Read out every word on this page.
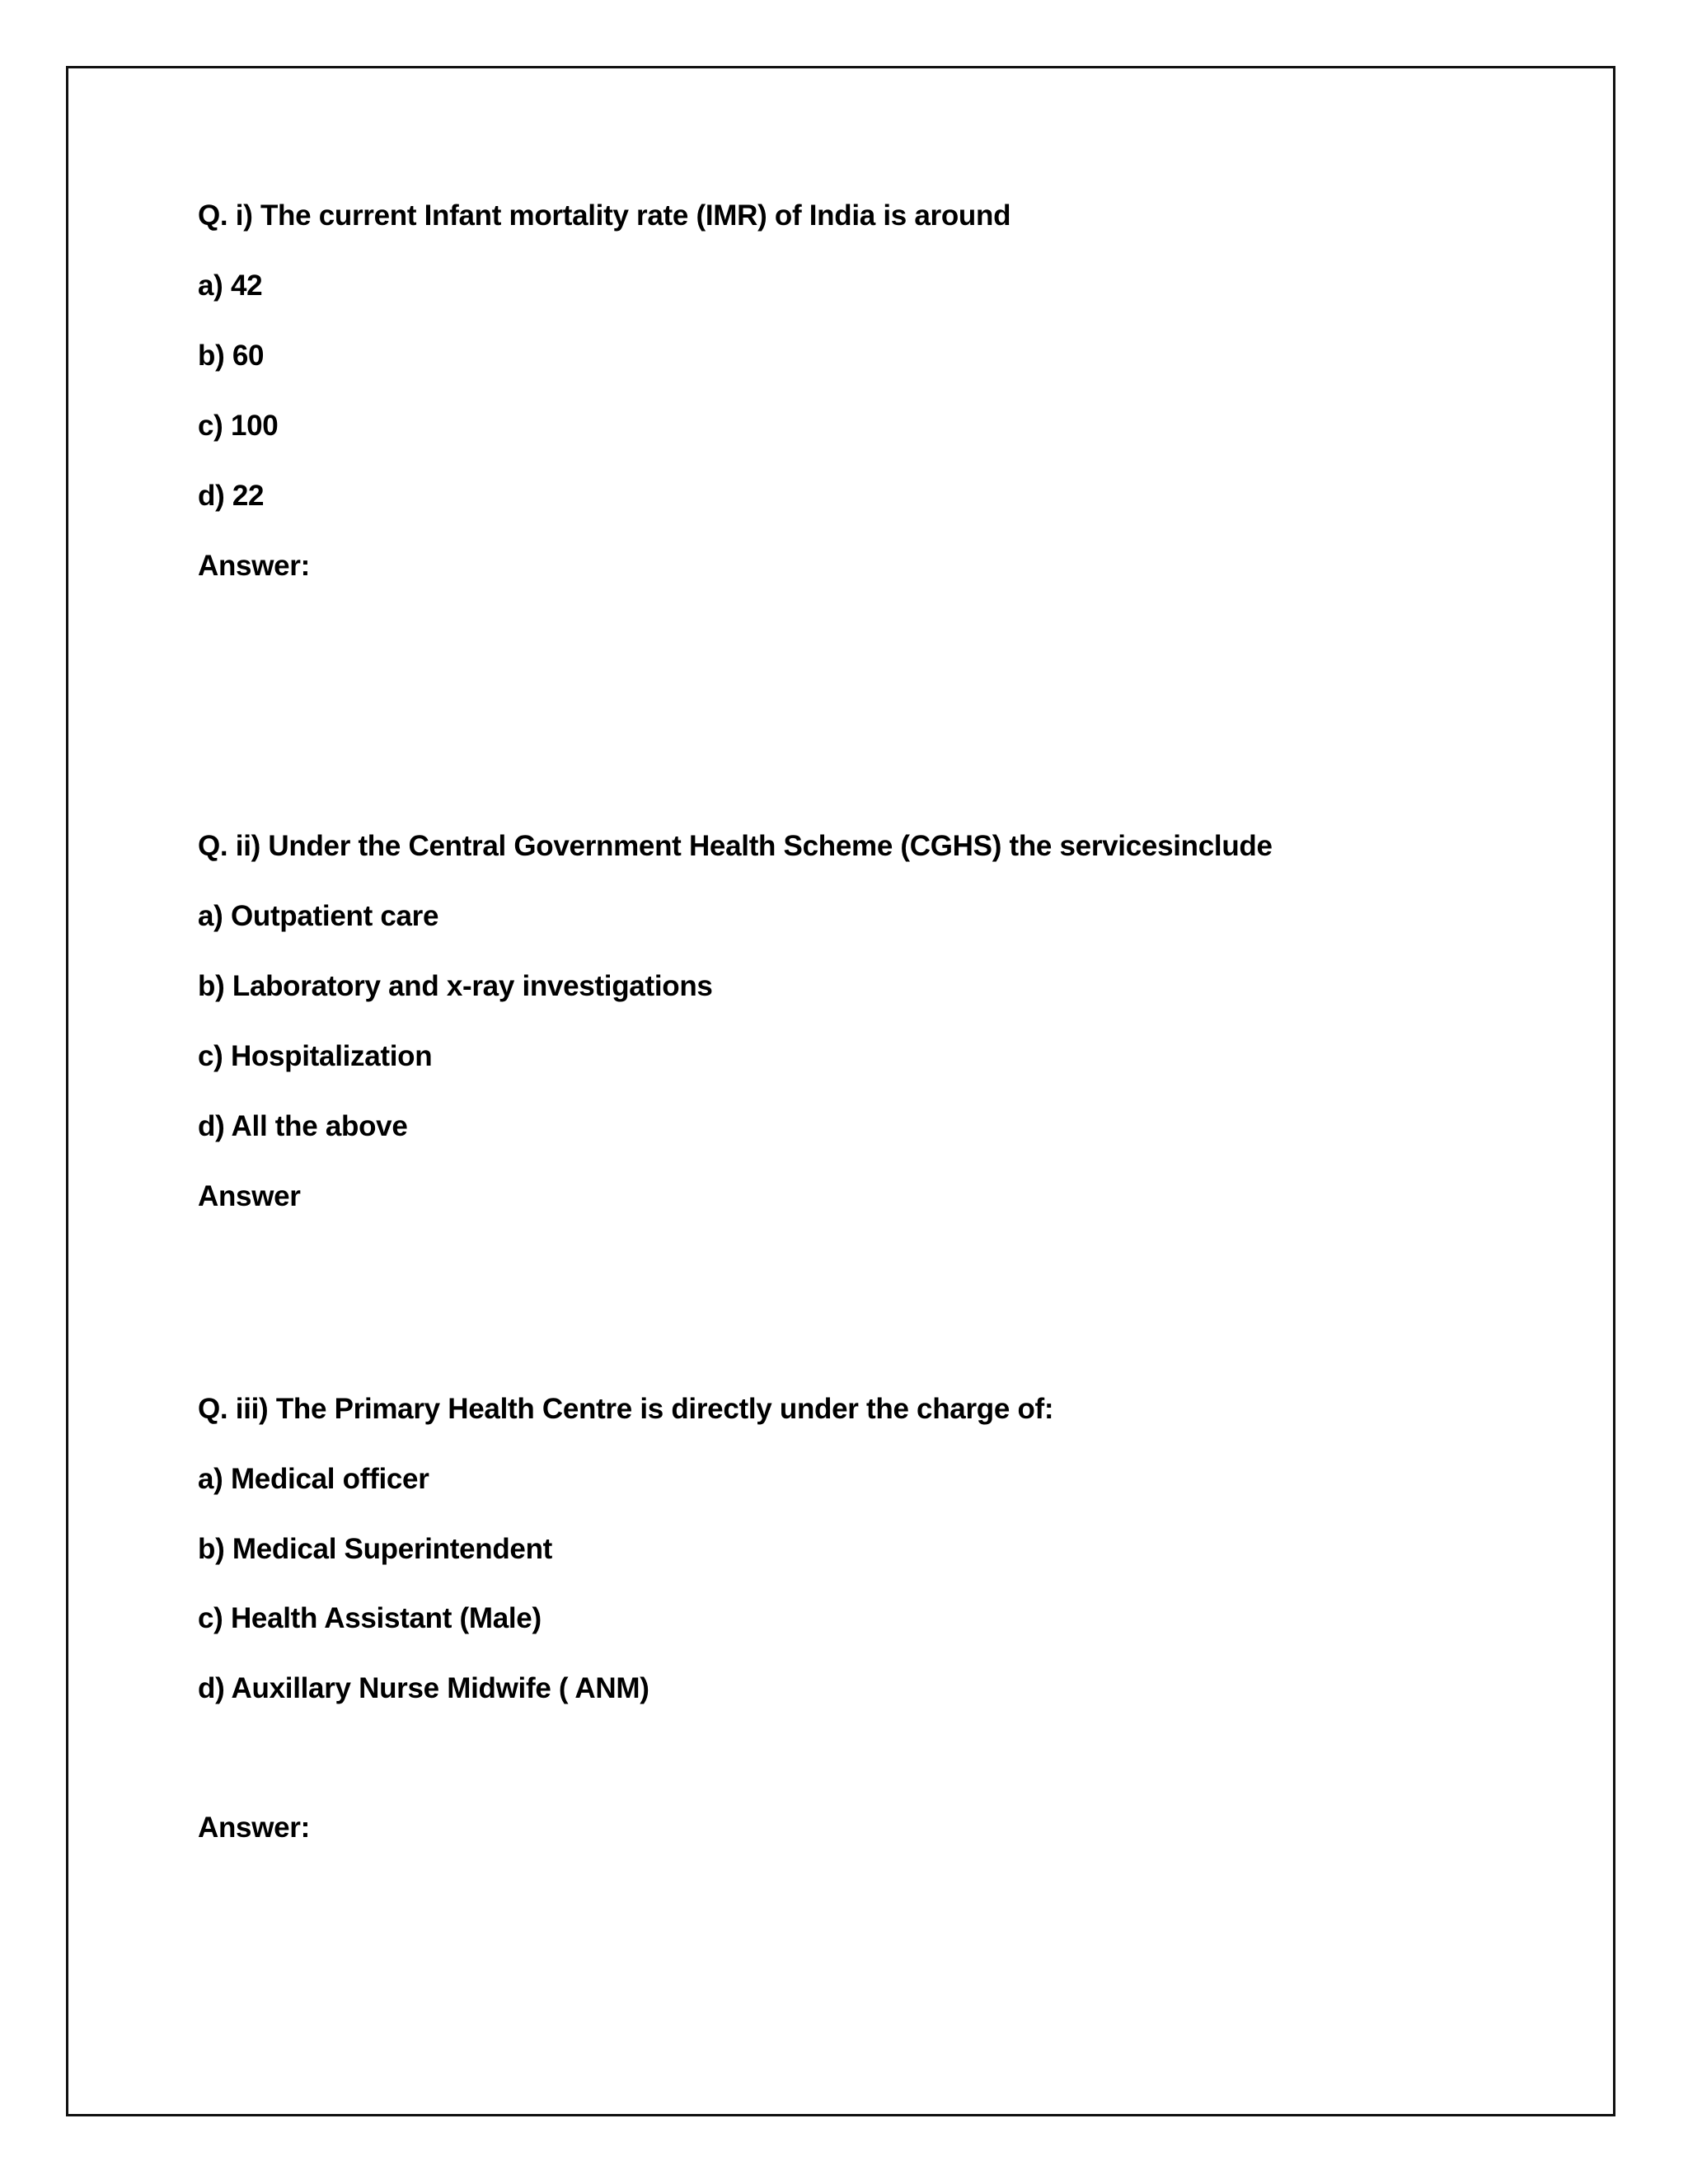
Q. i) The current Infant mortality rate (IMR) of India is around
a) 42
b) 60
c) 100
d) 22
Answer:
Q. ii) Under the Central Government Health Scheme (CGHS) the servicesinclude
a) Outpatient care
b) Laboratory and x-ray investigations
c) Hospitalization
d) All the above
Answer
Q. iii) The Primary Health Centre is directly under the charge of:
a) Medical officer
b) Medical Superintendent
c) Health Assistant (Male)
d) Auxillary Nurse Midwife ( ANM)
Answer:
